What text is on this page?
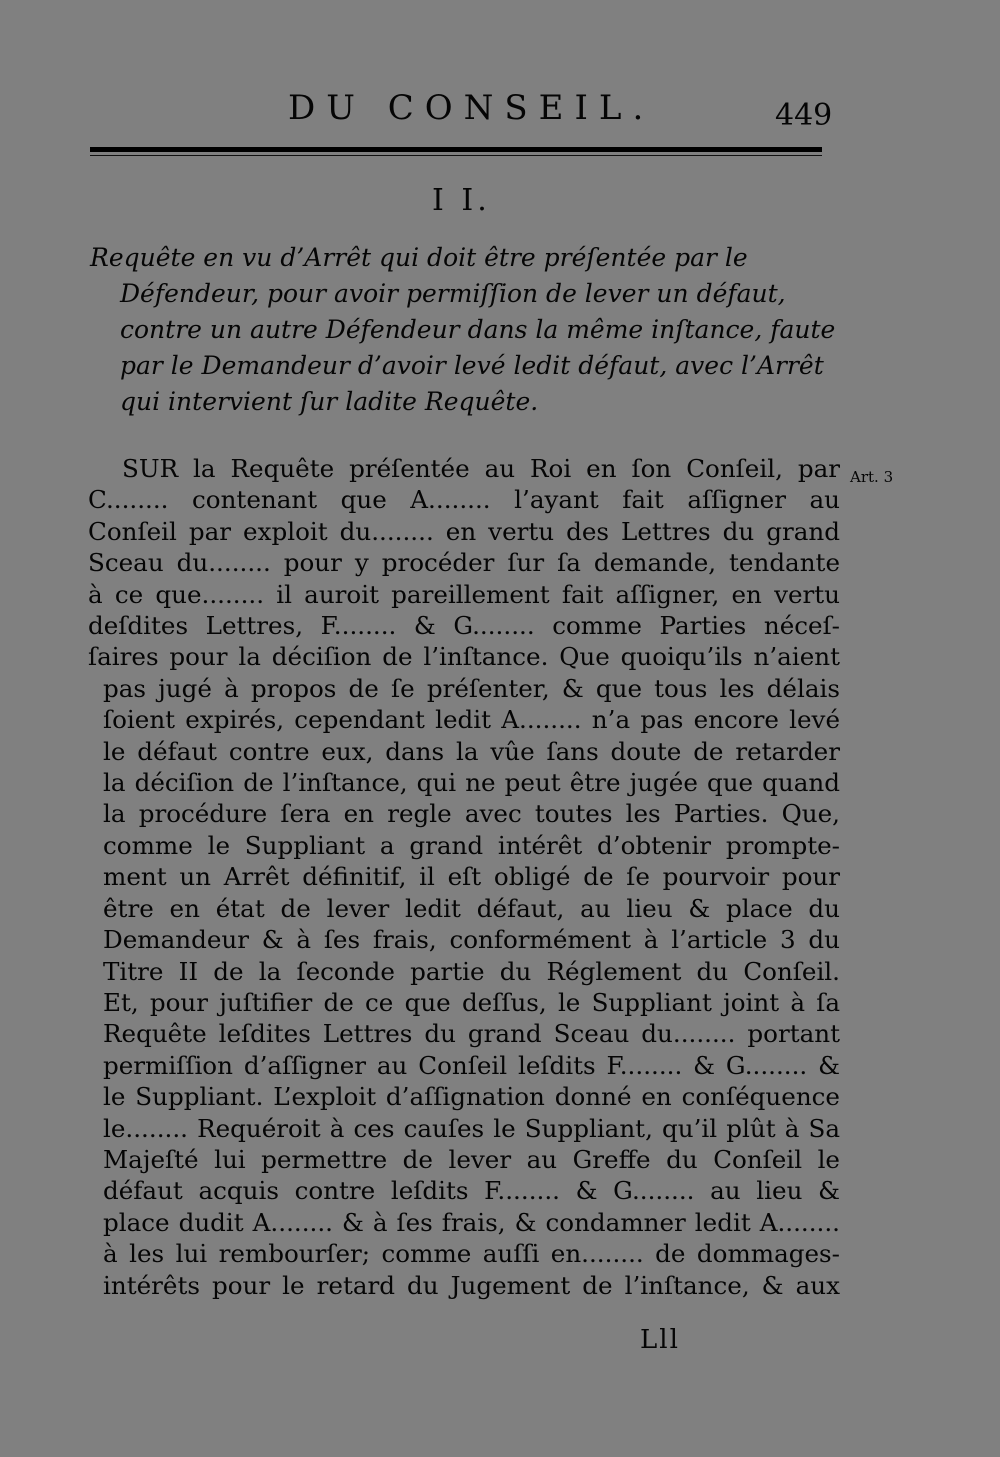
DU CONSEIL.	449
I I.
Requête en vu d’Arrêt qui doit être préſentée par le
Défendeur, pour avoir permiſſion de lever un défaut,
contre un autre Défendeur dans la même inſtance, faute
par le Demandeur d’avoir levé ledit défaut, avec l’Arrêt
qui intervient ſur ladite Requête.
Art. 3
SUR la Requête préſentée au Roi en ſon Conſeil, par
C........ contenant que A........ l’ayant fait aſſigner au
Conſeil par exploit du........ en vertu des Lettres du grand
Sceau du........ pour y procéder ſur ſa demande, tendante
à ce que........ il auroit pareillement fait aſſigner, en vertu
deſdites Lettres, F........ & G........ comme Parties néceſ-
ſaires pour la déciſion de l’inſtance. Que quoiqu’ils n’aient
pas jugé à propos de ſe préſenter, & que tous les délais
ſoient expirés, cependant ledit A........ n’a pas encore levé
le défaut contre eux, dans la vûe ſans doute de retarder
la déciſion de l’inſtance, qui ne peut être jugée que quand
la procédure ſera en regle avec toutes les Parties. Que,
comme le Suppliant a grand intérêt d’obtenir prompte-
ment un Arrêt définitif, il eſt obligé de ſe pourvoir pour
être en état de lever ledit défaut, au lieu & place du
Demandeur & à ſes frais, conformément à l’article 3 du
Titre II de la ſeconde partie du Réglement du Conſeil.
Et, pour juſtifier de ce que deſſus, le Suppliant joint à ſa
Requête leſdites Lettres du grand Sceau du........ portant
permiſſion d’aſſigner au Conſeil leſdits F........ & G........ &
le Suppliant. L’exploit d’aſſignation donné en conſéquence
le........ Requéroit à ces cauſes le Suppliant, qu’il plût à Sa
Majeſté lui permettre de lever au Greffe du Conſeil le
défaut acquis contre leſdits F........ & G........ au lieu &
place dudit A........ & à ſes frais, & condamner ledit A........
à les lui rembourſer; comme auſſi en........ de dommages-
intérêts pour le retard du Jugement de l’inſtance, & aux
Lll
